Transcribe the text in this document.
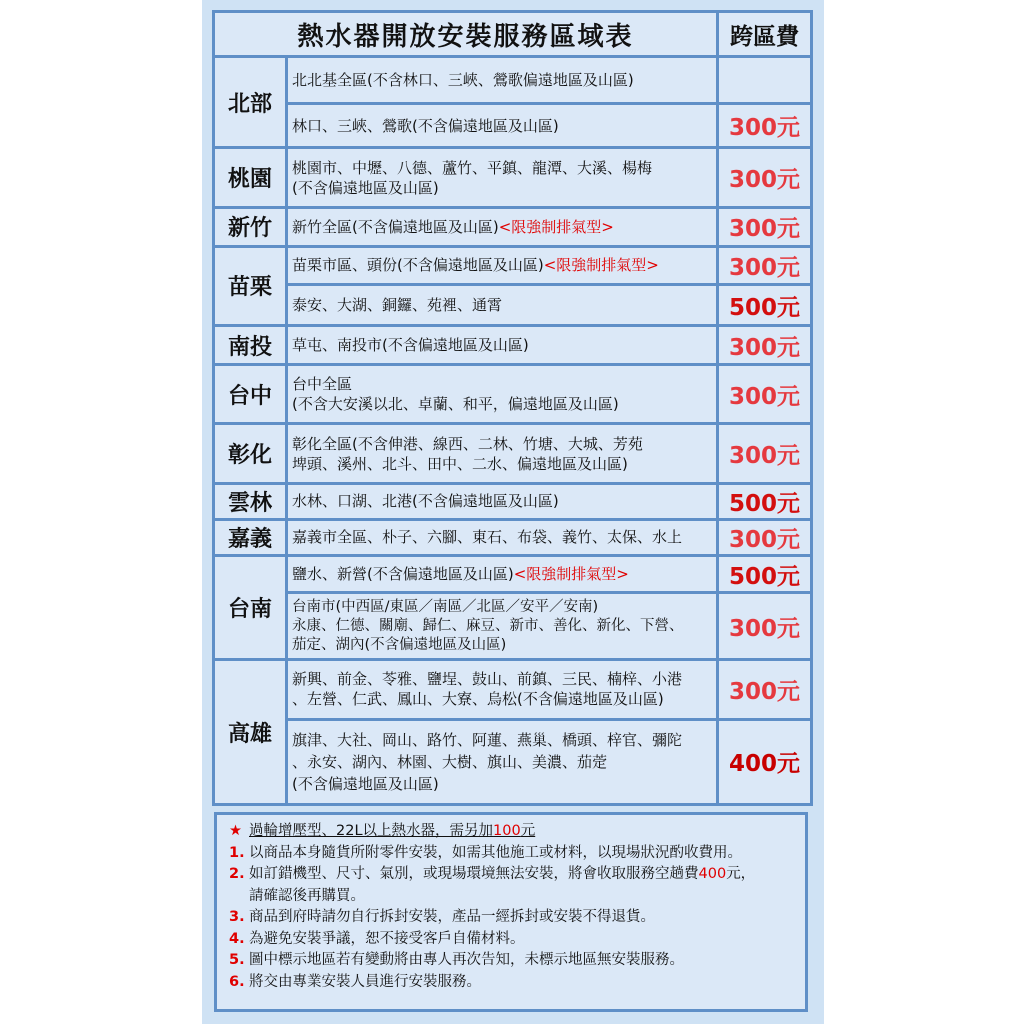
熱水器開放安裝服務區域表		跨區費
北部	北北基全區(不含林口、三峽、鶯歌偏遠地區及山區)	
	林口、三峽、鶯歌(不含偏遠地區及山區)	300元
桃園	桃園市、中壢、八德、蘆竹、平鎮、龍潭、大溪、楊梅
(不含偏遠地區及山區)	300元
新竹	新竹全區(不含偏遠地區及山區)<限強制排氣型>	300元
苗栗	苗栗市區、頭份(不含偏遠地區及山區)<限強制排氣型>	300元
	泰安、大湖、銅鑼、苑裡、通霄	500元
南投	草屯、南投市(不含偏遠地區及山區)	300元
台中	台中全區
(不含大安溪以北、卓蘭、和平，偏遠地區及山區)	300元
彰化	彰化全區(不含伸港、線西、二林、竹塘、大城、芳苑
埤頭、溪州、北斗、田中、二水、偏遠地區及山區)	300元
雲林	水林、口湖、北港(不含偏遠地區及山區)	500元
嘉義	嘉義市全區、朴子、六腳、東石、布袋、義竹、太保、水上	300元
台南	鹽水、新營(不含偏遠地區及山區)<限強制排氣型>	500元
	台南市(中西區/東區／南區／北區／安平／安南)
永康、仁德、關廟、歸仁、麻豆、新市、善化、新化、下營、
茄定、湖內(不含偏遠地區及山區)	300元
高雄	新興、前金、苓雅、鹽埕、鼓山、前鎮、三民、楠梓、小港
、左營、仁武、鳳山、大寮、烏松(不含偏遠地區及山區)	300元
	旗津、大社、岡山、路竹、阿蓮、燕巢、橋頭、梓官、彌陀
、永安、湖內、林園、大樹、旗山、美濃、茄萣
(不含偏遠地區及山區)	400元
★ 過輪增壓型、22L以上熱水器，需另加100元
1. 以商品本身隨貨所附零件安裝，如需其他施工或材料，以現場狀況酌收費用。
2. 如訂錯機型、尺寸、氣別，或現場環境無法安裝，將會收取服務空趟費400元，
請確認後再購買。
3. 商品到府時請勿自行拆封安裝，產品一經拆封或安裝不得退貨。
4. 為避免安裝爭議，恕不接受客戶自備材料。
5. 圖中標示地區若有變動將由專人再次告知，未標示地區無安裝服務。
6. 將交由專業安裝人員進行安裝服務。
